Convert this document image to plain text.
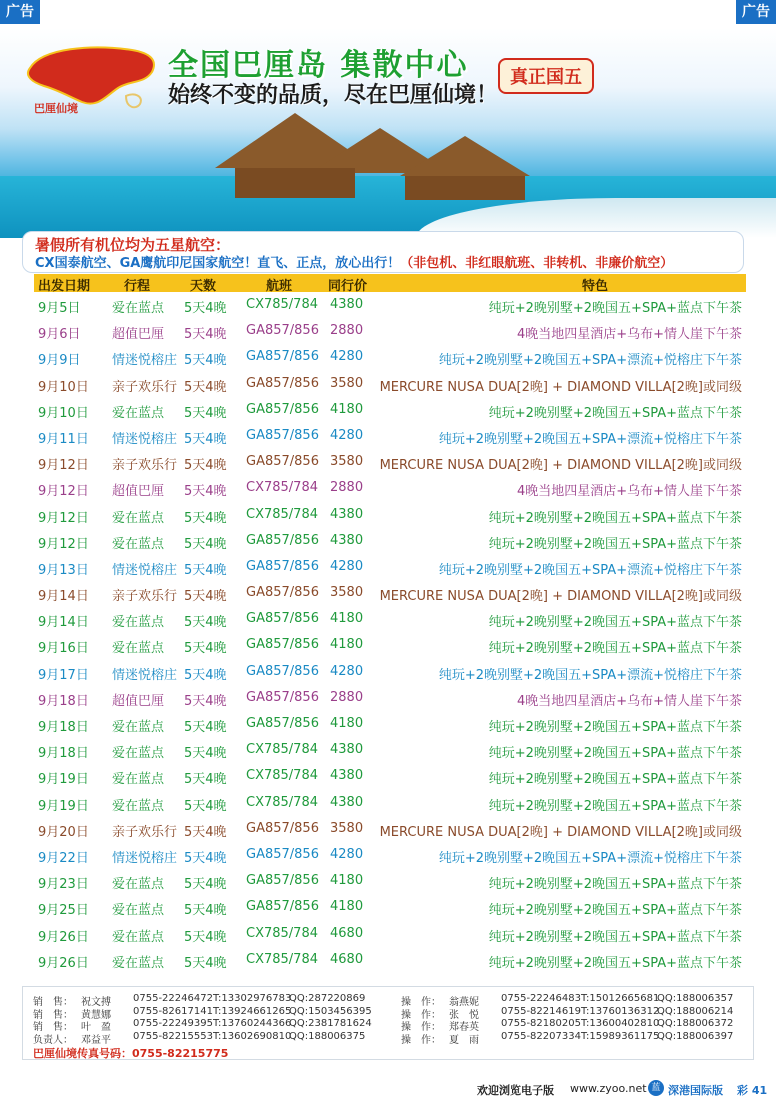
广告	广告
巴厘仙境
全国巴厘岛 集散中心
始终不变的品质，尽在巴厘仙境！
真正国五
暑假所有机位均为五星航空：
CX国泰航空、GA鹰航印尼国家航空！直飞、正点，放心出行！（非包机、非红眼航班、非转机、非廉价航空）
出发日期	行程	天数	航班	同行价	特色
9月5日 爱在蓝点 5天4晚 CX785/784 4380	纯玩+2晚别墅+2晚国五+SPA+蓝点下午茶
9月6日 超值巴厘 5天4晚 GA857/856 2880	4晚当地四星酒店+乌布+情人崖下午茶
9月9日 情迷悦榕庄 5天4晚 GA857/856 4280	纯玩+2晚别墅+2晚国五+SPA+漂流+悦榕庄下午茶
9月10日 亲子欢乐行 5天4晚 GA857/856 3580 MERCURE NUSA DUA[2晚] + DIAMOND VILLA[2晚]或同级
9月10日 爱在蓝点 5天4晚 GA857/856 4180	纯玩+2晚别墅+2晚国五+SPA+蓝点下午茶
9月11日 情迷悦榕庄 5天4晚 GA857/856 4280	纯玩+2晚别墅+2晚国五+SPA+漂流+悦榕庄下午茶
9月12日 亲子欢乐行 5天4晚 GA857/856 3580 MERCURE NUSA DUA[2晚] + DIAMOND VILLA[2晚]或同级
9月12日 超值巴厘 5天4晚 CX785/784 2880	4晚当地四星酒店+乌布+情人崖下午茶
9月12日 爱在蓝点 5天4晚 CX785/784 4380	纯玩+2晚别墅+2晚国五+SPA+蓝点下午茶
9月12日 爱在蓝点 5天4晚 GA857/856 4380	纯玩+2晚别墅+2晚国五+SPA+蓝点下午茶
9月13日 情迷悦榕庄 5天4晚 GA857/856 4280	纯玩+2晚别墅+2晚国五+SPA+漂流+悦榕庄下午茶
9月14日 亲子欢乐行 5天4晚 GA857/856 3580 MERCURE NUSA DUA[2晚] + DIAMOND VILLA[2晚]或同级
9月14日 爱在蓝点 5天4晚 GA857/856 4180	纯玩+2晚别墅+2晚国五+SPA+蓝点下午茶
9月16日 爱在蓝点 5天4晚 GA857/856 4180	纯玩+2晚别墅+2晚国五+SPA+蓝点下午茶
9月17日 情迷悦榕庄 5天4晚 GA857/856 4280	纯玩+2晚别墅+2晚国五+SPA+漂流+悦榕庄下午茶
9月18日 超值巴厘 5天4晚 GA857/856 2880	4晚当地四星酒店+乌布+情人崖下午茶
9月18日 爱在蓝点 5天4晚 GA857/856 4180	纯玩+2晚别墅+2晚国五+SPA+蓝点下午茶
9月18日 爱在蓝点 5天4晚 CX785/784 4380	纯玩+2晚别墅+2晚国五+SPA+蓝点下午茶
9月19日 爱在蓝点 5天4晚 CX785/784 4380	纯玩+2晚别墅+2晚国五+SPA+蓝点下午茶
9月19日 爱在蓝点 5天4晚 CX785/784 4380	纯玩+2晚别墅+2晚国五+SPA+蓝点下午茶
9月20日 亲子欢乐行 5天4晚 GA857/856 3580 MERCURE NUSA DUA[2晚] + DIAMOND VILLA[2晚]或同级
9月22日 情迷悦榕庄 5天4晚 GA857/856 4280	纯玩+2晚别墅+2晚国五+SPA+漂流+悦榕庄下午茶
9月23日 爱在蓝点 5天4晚 GA857/856 4180	纯玩+2晚别墅+2晚国五+SPA+蓝点下午茶
9月25日 爱在蓝点 5天4晚 GA857/856 4180	纯玩+2晚别墅+2晚国五+SPA+蓝点下午茶
9月26日 爱在蓝点 5天4晚 CX785/784 4680	纯玩+2晚别墅+2晚国五+SPA+蓝点下午茶
9月26日 爱在蓝点 5天4晚 CX785/784 4680	纯玩+2晚别墅+2晚国五+SPA+蓝点下午茶
巴厘仙境传真号码：0755-82215775
销　售： 祝文搏 0755-22246472 T:13302976783
QQ:287220869
销　售： 黄慧娜 0755-82617141 T:13924661265
QQ:1503456395
销　售： 叶　盈 0755-22249395 T:13760244366
QQ:2381781624
负责人： 邓益平 0755-82215553 T:13602690810
QQ:188006375
操　作： 翁燕妮 0755-22246483 T:15012665681
QQ:188006357
操　作： 张　悦 0755-82214619 T:13760136312
QQ:188006214
操　作： 郑春英 0755-82180205 T:13600402810
QQ:188006372
操　作： 夏　雨 0755-82207334 T:15989361175
QQ:188006397
欢迎浏览电子版 www.zyoo.net 蓝 深港国际版 彩 41
